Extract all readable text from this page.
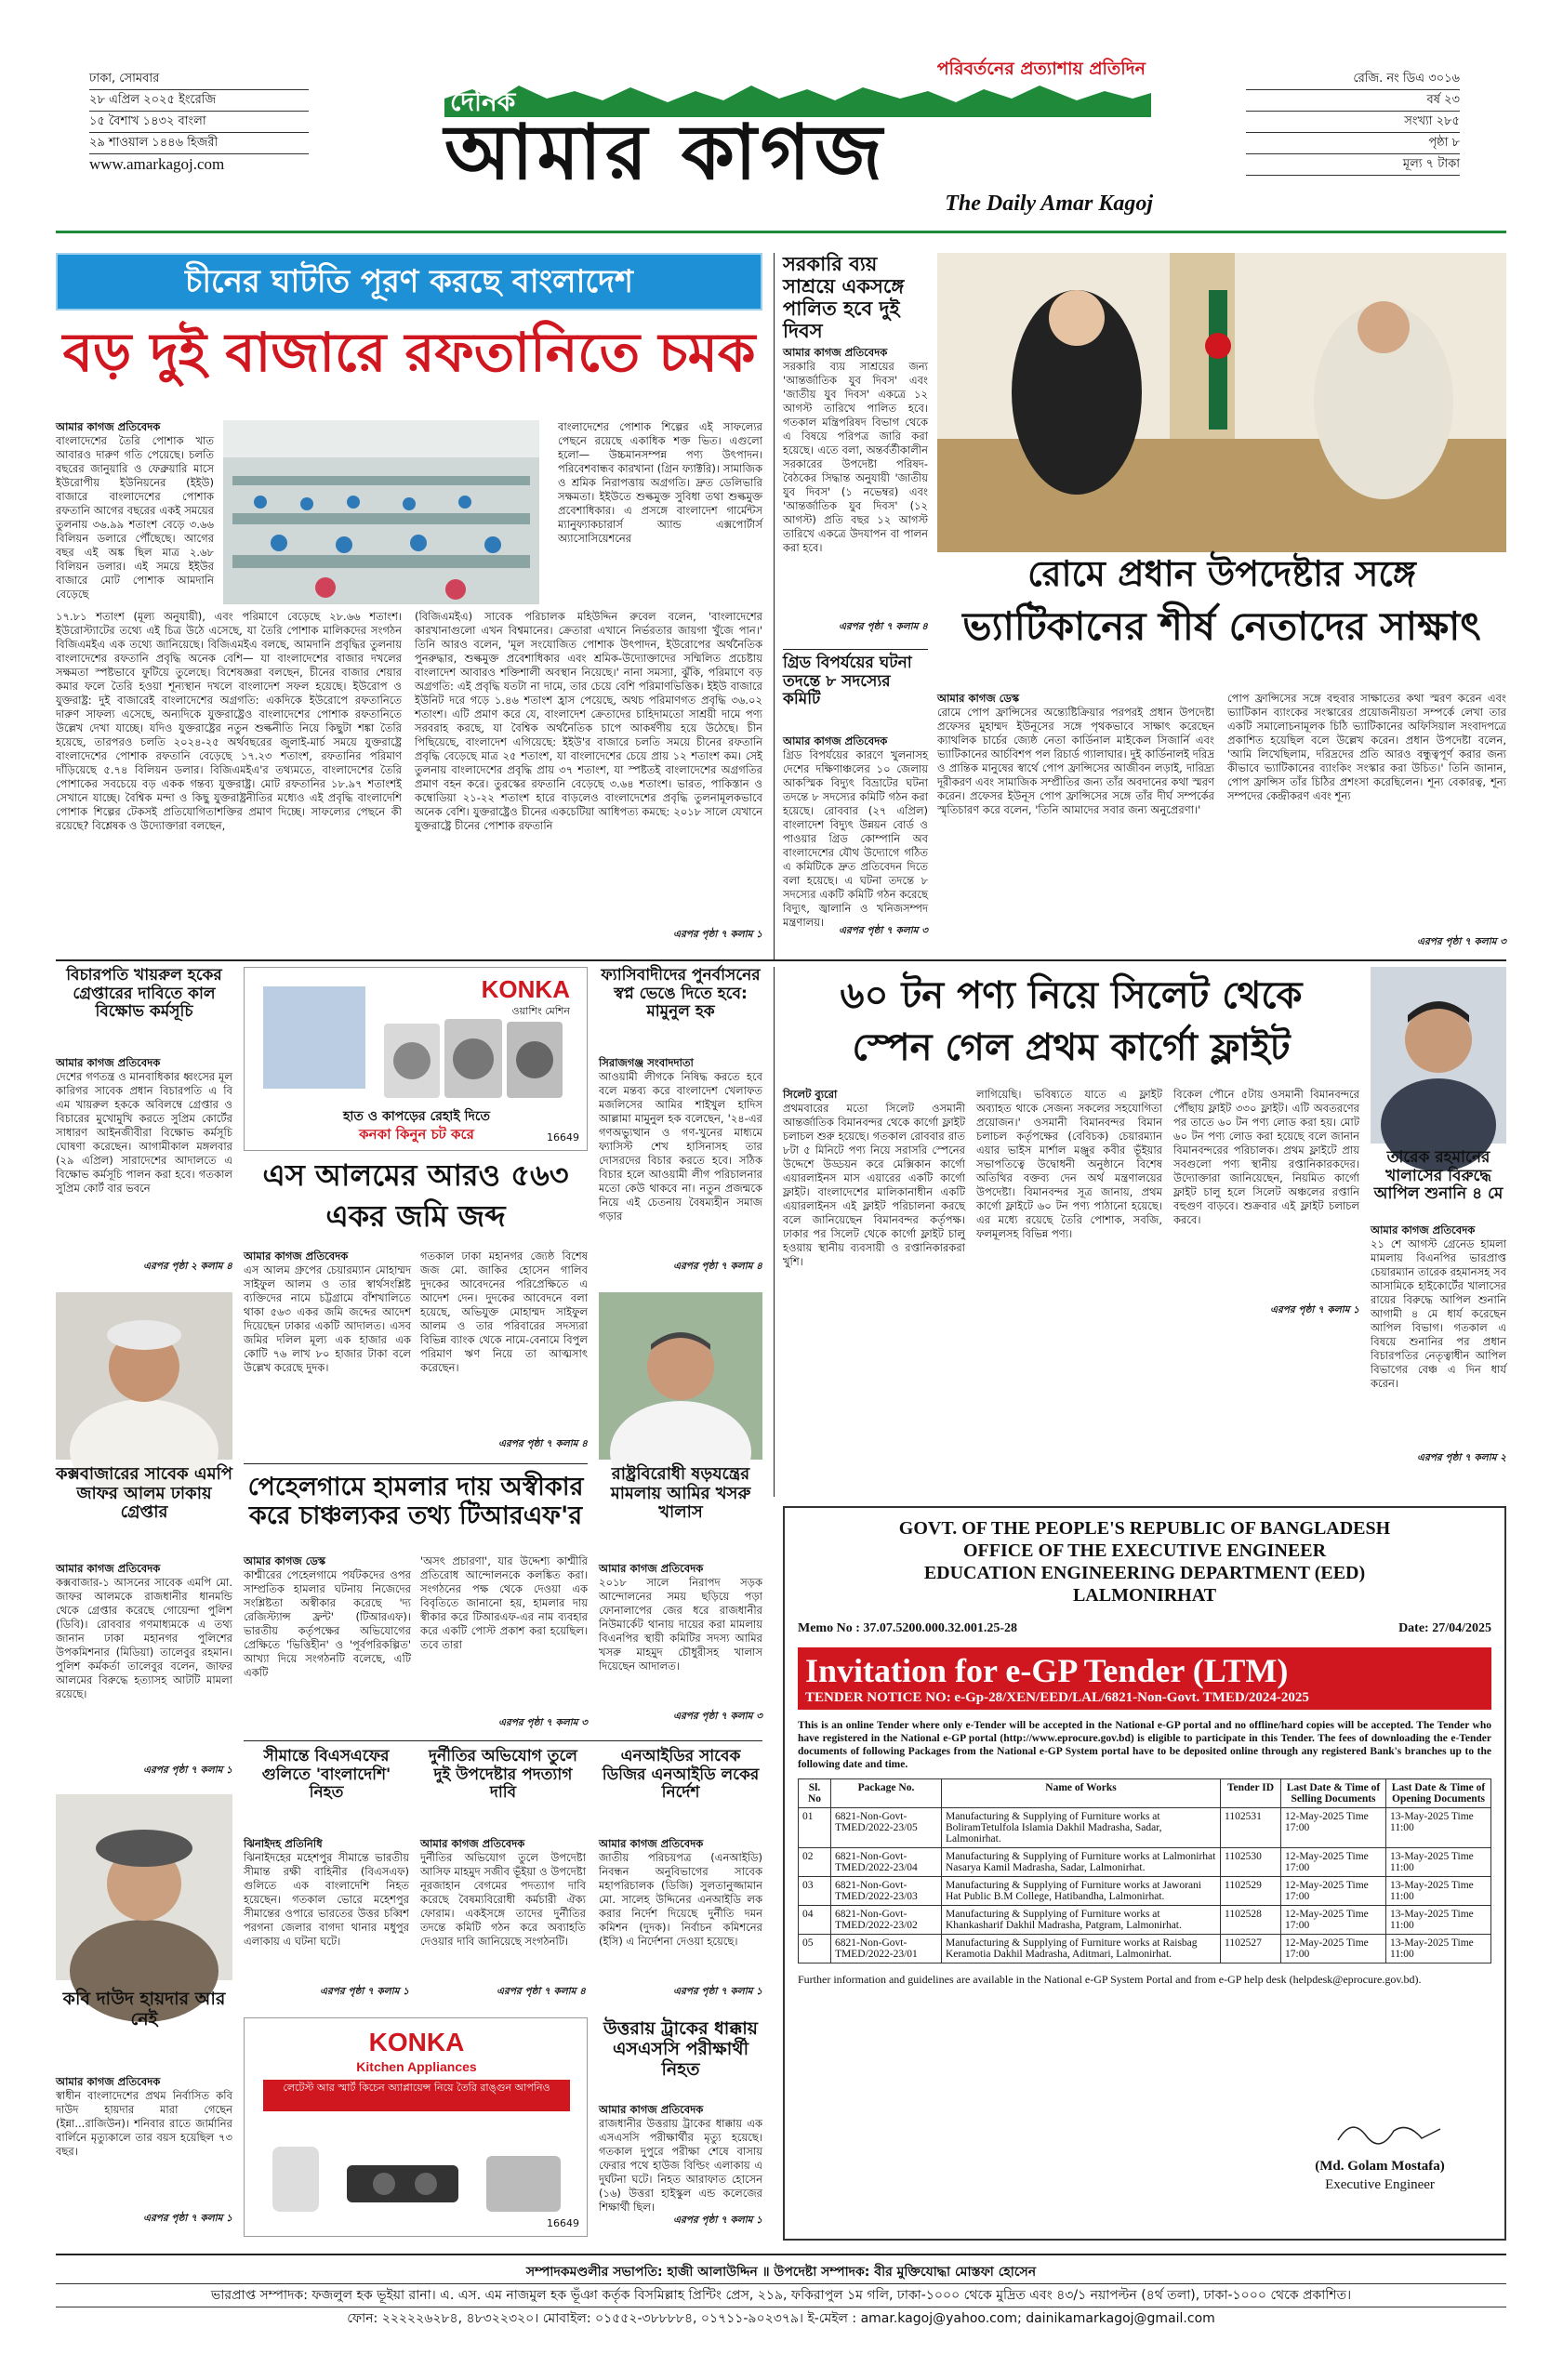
ঢাকা, সোমবার
২৮ এপ্রিল ২০২৫ ইংরেজি
১৫ বৈশাখ ১৪৩২ বাংলা
২৯ শাওয়াল ১৪৪৬ হিজরী
www.amarkagoj.com
পরিবর্তনের প্রত্যাশায় প্রতিদিন
দৈনিক
আমার কাগজ
The Daily Amar Kagoj
রেজি. নং ডিএ ৩০১৬
বর্ষ ২৩
সংখ্যা ২৮৫
পৃষ্ঠা ৮
মূল্য ৭ টাকা
চীনের ঘাটতি পূরণ করছে বাংলাদেশ
বড় দুই বাজারে রফতানিতে চমক
আমার কাগজ প্রতিবেদক
বাংলাদেশের তৈরি পোশাক খাত আবারও দারুণ গতি পেয়েছে। চলতি বছরের জানুয়ারি ও ফেব্রুয়ারি মাসে ইউরোপীয় ইউনিয়নের (ইইউ) বাজারে বাংলাদেশের পোশাক রফতানি আগের বছরের একই সময়ের তুলনায় ৩৬.৯৯ শতাংশ বেড়ে ৩.৬৬ বিলিয়ন ডলারে পৌঁছেছে। আগের বছর এই অঙ্ক ছিল মাত্র ২.৬৮ বিলিয়ন ডলার। এই সময়ে ইইউর বাজারে মোট পোশাক আমদানি বেড়েছে
বাংলাদেশের পোশাক শিল্পের এই সাফল্যের পেছনে রয়েছে একাধিক শক্ত ভিত। এগুলো হলো— উচ্চমানসম্পন্ন পণ্য উৎপাদন। পরিবেশবান্ধব কারখানা (গ্রিন ফ্যাক্টরি)। সামাজিক ও শ্রমিক নিরাপত্তায় অগ্রগতি। দ্রুত ডেলিভারি সক্ষমতা। ইইউতে শুল্কমুক্ত সুবিধা তথা শুল্কমুক্ত প্রবেশাধিকার। এ প্রসঙ্গে বাংলাদেশ গার্মেন্টস ম্যানুফ্যাকচারার্স অ্যান্ড এক্সপোর্টার্স অ্যাসোসিয়েশনের
১৭.৮১ শতাংশ (মূল্য অনুযায়ী), এবং পরিমাণে বেড়েছে ২৮.৬৬ শতাংশ। ইউরোস্ট্যাটের তথ্যে এই চিত্র উঠে এসেছে, যা তৈরি পোশাক মালিকদের সংগঠন বিজিএমইএ এক তথ্যে জানিয়েছে। বিজিএমইএ বলছে, আমদানি প্রবৃদ্ধির তুলনায় বাংলাদেশের রফতানি প্রবৃদ্ধি অনেক বেশি— যা বাংলাদেশের বাজার দখলের সক্ষমতা স্পষ্টভাবে ফুটিয়ে তুলেছে। বিশেষজ্ঞরা বলছেন, চীনের বাজার শেয়ার কমার ফলে তৈরি হওয়া শূন্যস্থান দখলে বাংলাদেশ সফল হয়েছে। ইউরোপ ও যুক্তরাষ্ট্র: দুই বাজারেই বাংলাদেশের অগ্রগতি: একদিকে ইউরোপে রফতানিতে দারুণ সাফল্য এসেছে, অন্যদিকে যুক্তরাষ্ট্রেও বাংলাদেশের পোশাক রফতানিতে উল্লেখ দেখা যাচ্ছে। যদিও যুক্তরাষ্ট্রের নতুন শুল্কনীতি নিয়ে কিছুটা শঙ্কা তৈরি হয়েছে, তারপরও চলতি ২০২৪-২৫ অর্থবছরের জুলাই-মার্চ সময়ে যুক্তরাষ্ট্রে বাংলাদেশের পোশাক রফতানি বেড়েছে ১৭.২৩ শতাংশ, রফতানির পরিমাণ দাঁড়িয়েছে ৫.৭৪ বিলিয়ন ডলার। বিজিএমইএ'র তথ্যমতে, বাংলাদেশের তৈরি পোশাকের সবচেয়ে বড় একক গন্তব্য যুক্তরাষ্ট্র। মোট রফতানির ১৮.৯৭ শতাংশই সেখানে যাচ্ছে। বৈশ্বিক মন্দা ও কিছু যুক্তরাষ্ট্রনীতির মধ্যেও এই প্রবৃদ্ধি বাংলাদেশি পোশাক শিল্পের টেকসই প্রতিযোগিতাশক্তির প্রমাণ দিচ্ছে। সাফল্যের পেছনে কী রয়েছে? বিশ্লেষক ও উদ্যোক্তারা বলছেন,
(বিজিএমইএ) সাবেক পরিচালক মহিউদ্দিন রুবেল বলেন, 'বাংলাদেশের কারখানাগুলো এখন বিশ্বমানের। ক্রেতারা এখানে নির্ভরতার জায়গা খুঁজে পান।' তিনি আরও বলেন, 'মূল সংযোজিত পোশাক উৎপাদন, ইউরোপের অর্থনৈতিক পুনরুদ্ধার, শুল্কমুক্ত প্রবেশাধিকার এবং শ্রমিক-উদ্যোক্তাদের সম্মিলিত প্রচেষ্টায় বাংলাদেশ আবারও শক্তিশালী অবস্থান নিয়েছে।' নানা সমস্যা, ঝুঁকি, পরিমাণে বড় অগ্রগতি: এই প্রবৃদ্ধি যতটা না দামে, তার চেয়ে বেশি পরিমাণভিত্তিক। ইইউ বাজারে ইউনিট দরে গড়ে ১.৪৬ শতাংশ হ্রাস পেয়েছে, অথচ পরিমাণগত প্রবৃদ্ধি ৩৬.০২ শতাংশ। এটি প্রমাণ করে যে, বাংলাদেশ ক্রেতাদের চাহিদামতো সাশ্রয়ী দামে পণ্য সরবরাহ করছে, যা বৈশ্বিক অর্থনৈতিক চাপে আকর্ষণীয় হয়ে উঠেছে। চীন পিছিয়েছে, বাংলাদেশ এগিয়েছে: ইইউ'র বাজারে চলতি সময়ে চীনের রফতানি প্রবৃদ্ধি বেড়েছে মাত্র ২৫ শতাংশ, যা বাংলাদেশের চেয়ে প্রায় ১২ শতাংশ কম। সেই তুলনায় বাংলাদেশের প্রবৃদ্ধি প্রায় ৩৭ শতাংশ, যা স্পষ্টতই বাংলাদেশের অগ্রগতির প্রমাণ বহন করে। তুরস্কের রফতানি বেড়েছে ৩.৬৪ শতাংশ। ভারত, পাকিস্তান ও কম্বোডিয়া ২১-২২ শতাংশ হারে বাড়লেও বাংলাদেশের প্রবৃদ্ধি তুলনামূলকভাবে অনেক বেশি। যুক্তরাষ্ট্রেও চীনের একচেটিয়া আধিপত্য কমছে: ২০১৮ সালে যেখানে যুক্তরাষ্ট্রে চীনের পোশাক রফতানি
এরপর পৃষ্ঠা ৭ কলাম ১
সরকারি ব্যয় সাশ্রয়ে একসঙ্গে পালিত হবে দুই দিবস
আমার কাগজ প্রতিবেদক
সরকারি ব্যয় সাশ্রয়ের জন্য 'আন্তর্জাতিক যুব দিবস' এবং 'জাতীয় যুব দিবস' একত্রে ১২ আগস্ট তারিখে পালিত হবে। গতকাল মন্ত্রিপরিষদ বিভাগ থেকে এ বিষয়ে পরিপত্র জারি করা হয়েছে। এতে বলা, অন্তর্বর্তীকালীন সরকারের উপদেষ্টা পরিষদ-বৈঠকের সিদ্ধান্ত অনুযায়ী 'জাতীয় যুব দিবস' (১ নভেম্বর) এবং 'আন্তর্জাতিক যুব দিবস' (১২ আগস্ট) প্রতি বছর ১২ আগস্ট তারিখে একত্রে উদযাপন বা পালন করা হবে।
এরপর পৃষ্ঠা ৭ কলাম ৪
গ্রিড বিপর্যয়ের ঘটনা তদন্তে ৮ সদস্যের কমিটি
আমার কাগজ প্রতিবেদক
গ্রিড বিপর্যয়ের কারণে খুলনাসহ দেশের দক্ষিণাঞ্চলের ১০ জেলায় আকস্মিক বিদ্যুৎ বিভ্রাটের ঘটনা তদন্তে ৮ সদস্যের কমিটি গঠন করা হয়েছে। রোববার (২৭ এপ্রিল) বাংলাদেশ বিদ্যুৎ উন্নয়ন বোর্ড ও পাওয়ার গ্রিড কোম্পানি অব বাংলাদেশের যৌথ উদ্যোগে গঠিত এ কমিটিকে দ্রুত প্রতিবেদন দিতে বলা হয়েছে। এ ঘটনা তদন্তে ৮ সদস্যের একটি কমিটি গঠন করেছে বিদ্যুৎ, জ্বালানি ও খনিজসম্পদ মন্ত্রণালয়।
এরপর পৃষ্ঠা ৭ কলাম ৩
রোমে প্রধান উপদেষ্টার সঙ্গে
ভ্যাটিকানের শীর্ষ নেতাদের সাক্ষাৎ
আমার কাগজ ডেস্ক
রোমে পোপ ফ্রান্সিসের অন্ত্যেষ্টিক্রিয়ার পরপরই প্রধান উপদেষ্টা প্রফেসর মুহাম্মদ ইউনূসের সঙ্গে পৃথকভাবে সাক্ষাৎ করেছেন ক্যাথলিক চার্চের জ্যেষ্ঠ নেতা কার্ডিনাল মাইকেল সিজার্নি এবং ভ্যাটিকানের আর্চবিশপ পল রিচার্ড গ্যালাঘার। দুই কার্ডিনালই দরিদ্র ও প্রান্তিক মানুষের স্বার্থে পোপ ফ্রান্সিসের আজীবন লড়াই, দারিদ্র্য দূরীকরণ এবং সামাজিক সম্প্রীতির জন্য তাঁর অবদানের কথা স্মরণ করেন। প্রফেসর ইউনূস পোপ ফ্রান্সিসের সঙ্গে তাঁর দীর্ঘ সম্পর্কের স্মৃতিচারণ করে বলেন, 'তিনি আমাদের সবার জন্য অনুপ্রেরণা।'
পোপ ফ্রান্সিসের সঙ্গে বহুবার সাক্ষাতের কথা স্মরণ করেন এবং ভ্যাটিকান ব্যাংকের সংস্কারের প্রয়োজনীয়তা সম্পর্কে লেখা তার একটি সমালোচনামূলক চিঠি ভ্যাটিকানের অফিসিয়াল সংবাদপত্রে প্রকাশিত হয়েছিল বলে উল্লেখ করেন। প্রধান উপদেষ্টা বলেন, 'আমি লিখেছিলাম, দরিদ্রদের প্রতি আরও বন্ধুত্বপূর্ণ করার জন্য কীভাবে ভ্যাটিকানের ব্যাংকিং সংস্কার করা উচিত।' তিনি জানান, পোপ ফ্রান্সিস তাঁর চিঠির প্রশংসা করেছিলেন। শূন্য বেকারত্ব, শূন্য সম্পদের কেন্দ্রীকরণ এবং শূন্য
এরপর পৃষ্ঠা ৭ কলাম ৩
বিচারপতি খায়রুল হকের গ্রেপ্তারের দাবিতে কাল বিক্ষোভ কর্মসূচি
আমার কাগজ প্রতিবেদক
দেশের গণতন্ত্র ও মানবাধিকার ধ্বংসের মূল কারিগর সাবেক প্রধান বিচারপতি এ বি এম খায়রুল হককে অবিলম্বে গ্রেপ্তার ও বিচারের মুখোমুখি করতে সুপ্রিম কোর্টের সাধারণ আইনজীবীরা বিক্ষোভ কর্মসূচি ঘোষণা করেছেন। আগামীকাল মঙ্গলবার (২৯ এপ্রিল) সারাদেশের আদালতে এ বিক্ষোভ কর্মসূচি পালন করা হবে। গতকাল সুপ্রিম কোর্ট বার ভবনে
এরপর পৃষ্ঠা ২ কলাম ৪
KONKA
ওয়াশিং মেশিন
হাত ও কাপড়ের রেহাই দিতে
কনকা কিনুন চট করে	16649
ফ্যাসিবাদীদের পুনর্বাসনের স্বপ্ন ভেঙে দিতে হবে: মামুনুল হক
সিরাজগঞ্জ সংবাদদাতা
আওয়ামী লীগকে নিষিদ্ধ করতে হবে বলে মন্তব্য করে বাংলাদেশ খেলাফত মজলিসের আমির শাইখুল হাদিস আল্লামা মামুনুল হক বলেছেন, '২৪-এর গণঅভ্যুত্থান ও গণ-খুনের মাধ্যমে ফ্যাসিস্ট শেখ হাসিনাসহ তার দোসরদের বিচার করতে হবে। সঠিক বিচার হলে আওয়ামী লীগ পরিচালনার মতো কেউ থাকবে না। নতুন প্রজন্মকে নিয়ে এই চেতনায় বৈষম্যহীন সমাজ গড়ার
এরপর পৃষ্ঠা ৭ কলাম ৪
এস আলমের আরও ৫৬৩
একর জমি জব্দ
৬০ টন পণ্য নিয়ে সিলেট থেকে
স্পেন গেল প্রথম কার্গো ফ্লাইট
সিলেট ব্যুরো
প্রথমবারের মতো সিলেট ওসমানী আন্তর্জাতিক বিমানবন্দর থেকে কার্গো ফ্লাইট চলাচল শুরু হয়েছে। গতকাল রোববার রাত ৮টা ৫ মিনিটে পণ্য নিয়ে সরাসরি স্পেনের উদ্দেশে উড্ডয়ন করে মেক্সিকান কার্গো এয়ারলাইনস মাস এয়ারের একটি কার্গো ফ্লাইট। বাংলাদেশের মালিকানাধীন একটি এয়ারলাইনস এই ফ্লাইট পরিচালনা করছে বলে জানিয়েছেন বিমানবন্দর কর্তৃপক্ষ। ঢাকার পর সিলেট থেকে কার্গো ফ্লাইট চালু হওয়ায় স্থানীয় ব্যবসায়ী ও রপ্তানিকারকরা খুশি।
লাগিয়েছি। ভবিষ্যতে যাতে এ ফ্লাইট অব্যাহত থাকে সেজন্য সকলের সহযোগিতা প্রয়োজন।' ওসমানী বিমানবন্দর বিমান চলাচল কর্তৃপক্ষের (বেবিচক) চেয়ারম্যান এয়ার ভাইস মার্শাল মঞ্জুর কবীর ভূঁইয়ার সভাপতিত্বে উদ্বোধনী অনুষ্ঠানে বিশেষ অতিথির বক্তব্য দেন অর্থ মন্ত্রণালয়ের উপদেষ্টা। বিমানবন্দর সূত্র জানায়, প্রথম কার্গো ফ্লাইটে ৬০ টন পণ্য পাঠানো হয়েছে। এর মধ্যে রয়েছে তৈরি পোশাক, সবজি, ফলমূলসহ বিভিন্ন পণ্য।
বিকেল পৌনে ৫টায় ওসমানী বিমানবন্দরে পৌঁছায় ফ্লাইট ৩৩০ ফ্লাইট। এটি অবতরণের পর তাতে ৬০ টন পণ্য লোড করা হয়। মোট ৬০ টন পণ্য লোড করা হয়েছে বলে জানান বিমানবন্দরের পরিচালক। প্রথম ফ্লাইটে প্রায় সবগুলো পণ্য স্থানীয় রপ্তানিকারকদের। উদ্যোক্তারা জানিয়েছেন, নিয়মিত কার্গো ফ্লাইট চালু হলে সিলেট অঞ্চলের রপ্তানি বহুগুণ বাড়বে। শুক্রবার এই ফ্লাইট চলাচল করবে।
এরপর পৃষ্ঠা ৭ কলাম ১
তারেক রহমানের খালাসের বিরুদ্ধে আপিল শুনানি ৪ মে
আমার কাগজ প্রতিবেদক
২১ শে আগস্ট গ্রেনেড হামলা মামলায় বিএনপির ভারপ্রাপ্ত চেয়ারম্যান তারেক রহমানসহ সব আসামিকে হাইকোর্টের খালাসের রায়ের বিরুদ্ধে আপিল শুনানি আগামী ৪ মে ধার্য করেছেন আপিল বিভাগ। গতকাল এ বিষয়ে শুনানির পর প্রধান বিচারপতির নেতৃত্বাধীন আপিল বিভাগের বেঞ্চ এ দিন ধার্য করেন।
এরপর পৃষ্ঠা ৭ কলাম ২
কক্সবাজারের সাবেক এমপি জাফর আলম ঢাকায় গ্রেপ্তার
আমার কাগজ প্রতিবেদক
কক্সবাজার-১ আসনের সাবেক এমপি মো. জাফর আলমকে রাজধানীর ধানমন্ডি থেকে গ্রেপ্তার করেছে গোয়েন্দা পুলিশ (ডিবি)। রোববার গণমাধ্যমকে এ তথ্য জানান ঢাকা মহানগর পুলিশের উপকমিশনার (মিডিয়া) তালেবুর রহমান। পুলিশ কর্মকর্তা তালেবুর বলেন, জাফর আলমের বিরুদ্ধে হত্যাসহ আটটি মামলা রয়েছে।
এরপর পৃষ্ঠা ৭ কলাম ১
আমার কাগজ প্রতিবেদক
এস আলম গ্রুপের চেয়ারম্যান মোহাম্মদ সাইফুল আলম ও তার স্বার্থসংশ্লিষ্ট ব্যক্তিদের নামে চট্টগ্রামে বাঁশখালিতে থাকা ৫৬৩ একর জমি জব্দের আদেশ দিয়েছেন ঢাকার একটি আদালত। এসব জমির দলিল মূল্য এক হাজার এক কোটি ৭৬ লাখ ৮০ হাজার টাকা বলে উল্লেখ করেছে দুদক।
গতকাল ঢাকা মহানগর জ্যেষ্ঠ বিশেষ জজ মো. জাকির হোসেন গালিব দুদকের আবেদনের পরিপ্রেক্ষিতে এ আদেশ দেন। দুদকের আবেদনে বলা হয়েছে, অভিযুক্ত মোহাম্মদ সাইফুল আলম ও তার পরিবারের সদস্যরা বিভিন্ন ব্যাংক থেকে নামে-বেনামে বিপুল পরিমাণ ঋণ নিয়ে তা আত্মসাৎ করেছেন।
এরপর পৃষ্ঠা ৭ কলাম ৪
রাষ্ট্রবিরোধী ষড়যন্ত্রের মামলায় আমির খসরু খালাস
আমার কাগজ প্রতিবেদক
২০১৮ সালে নিরাপদ সড়ক আন্দোলনের সময় ছড়িয়ে পড়া ফোনালাপের জের ধরে রাজধানীর নিউমার্কেট থানায় দায়ের করা মামলায় বিএনপির স্থায়ী কমিটির সদস্য আমির খসরু মাহমুদ চৌধুরীসহ খালাস দিয়েছেন আদালত।
এরপর পৃষ্ঠা ৭ কলাম ৩
পেহেলগামে হামলার দায় অস্বীকার করে চাঞ্চল্যকর তথ্য টিআরএফ'র
আমার কাগজ ডেস্ক
কাশ্মীরের পেহেলগামে পর্যটকদের ওপর সাম্প্রতিক হামলার ঘটনায় নিজেদের সংশ্লিষ্টতা অস্বীকার করেছে 'দ্য রেজিস্ট্যান্স ফ্রন্ট' (টিআরএফ)। ভারতীয় কর্তৃপক্ষের অভিযোগের প্রেক্ষিতে 'ভিত্তিহীন' ও 'পূর্বপরিকল্পিত' আখ্যা দিয়ে সংগঠনটি বলেছে, এটি একটি
'অসৎ প্রচারণা', যার উদ্দেশ্য কাশ্মীরি প্রতিরোধ আন্দোলনকে কলঙ্কিত করা। সংগঠনের পক্ষ থেকে দেওয়া এক বিবৃতিতে জানানো হয়, হামলার দায় স্বীকার করে টিআরএফ-এর নাম ব্যবহার করে একটি পোস্ট প্রকাশ করা হয়েছিল। তবে তারা
এরপর পৃষ্ঠা ৭ কলাম ৩
সীমান্তে বিএসএফের গুলিতে 'বাংলাদেশি' নিহত
ঝিনাইদহ প্রতিনিধি
ঝিনাইদহের মহেশপুর সীমান্তে ভারতীয় সীমান্ত রক্ষী বাহিনীর (বিএসএফ) গুলিতে এক বাংলাদেশি নিহত হয়েছেন। গতকাল ভোরে মহেশপুর সীমান্তের ওপারে ভারতের উত্তর চব্বিশ পরগনা জেলার বাগদা থানার মধুপুর এলাকায় এ ঘটনা ঘটে।
এরপর পৃষ্ঠা ৭ কলাম ১
দুর্নীতির অভিযোগ তুলে দুই উপদেষ্টার পদত্যাগ দাবি
আমার কাগজ প্রতিবেদক
দুর্নীতির অভিযোগ তুলে উপদেষ্টা আসিফ মাহমুদ সজীব ভূঁইয়া ও উপদেষ্টা নূরজাহান বেগমের পদত্যাগ দাবি করেছে বৈষম্যবিরোধী কর্মচারী ঐক্য ফোরাম। একইসঙ্গে তাদের দুর্নীতির তদন্তে কমিটি গঠন করে অব্যাহতি দেওয়ার দাবি জানিয়েছে সংগঠনটি।
এরপর পৃষ্ঠা ৭ কলাম ৪
এনআইডির সাবেক ডিজির এনআইডি লকের নির্দেশ
আমার কাগজ প্রতিবেদক
জাতীয় পরিচয়পত্র (এনআইডি) নিবন্ধন অনুবিভাগের সাবেক মহাপরিচালক (ডিজি) সুলতানুজ্জামান মো. সালেহ উদ্দিনের এনআইডি লক করার নির্দেশ দিয়েছে দুর্নীতি দমন কমিশন (দুদক)। নির্বাচন কমিশনের (ইসি) এ নির্দেশনা দেওয়া হয়েছে।
এরপর পৃষ্ঠা ৭ কলাম ১
কবি দাউদ হায়দার আর নেই
আমার কাগজ প্রতিবেদক
স্বাধীন বাংলাদেশের প্রথম নির্বাসিত কবি দাউদ হায়দার মারা গেছেন (ইন্না...রাজিউন)। শনিবার রাতে জার্মানির বার্লিনে মৃত্যুকালে তার বয়স হয়েছিল ৭৩ বছর।
এরপর পৃষ্ঠা ৭ কলাম ১
KONKA
Kitchen Appliances
লেটেস্ট আর স্মার্ট কিচেন অ্যাপ্লায়েন্স নিয়ে তৈরি রাঙ্গুন আপনিও
16649
উত্তরায় ট্রাকের ধাক্কায় এসএসসি পরীক্ষার্থী নিহত
আমার কাগজ প্রতিবেদক
রাজধানীর উত্তরায় ট্রাকের ধাক্কায় এক এসএসসি পরীক্ষার্থীর মৃত্যু হয়েছে। গতকাল দুপুরে পরীক্ষা শেষে বাসায় ফেরার পথে হাউজ বিল্ডিং এলাকায় এ দুর্ঘটনা ঘটে। নিহত আরাফাত হোসেন (১৬) উত্তরা হাইস্কুল এন্ড কলেজের শিক্ষার্থী ছিল।
এরপর পৃষ্ঠা ৭ কলাম ১
GOVT. OF THE PEOPLE'S REPUBLIC OF BANGLADESH
OFFICE OF THE EXECUTIVE ENGINEER
EDUCATION ENGINEERING DEPARTMENT (EED)
LALMONIRHAT
Memo No : 37.07.5200.000.32.001.25-28	Date: 27/04/2025
Invitation for e-GP Tender (LTM)
TENDER NOTICE NO: e-Gp-28/XEN/EED/LAL/6821-Non-Govt. TMED/2024-2025
This is an online Tender where only e-Tender will be accepted in the National e-GP portal and no offline/hard copies will be accepted. The Tender who have registered in the National e-GP portal (http://www.eprocure.gov.bd) is eligible to participate in this Tender. The fees of downloading the e-Tender documents of following Packages from the National e-GP System portal have to be deposited online through any registered Bank's branches up to the following date and time.
Sl. No	Package No.	Name of Works	Tender ID	Last Date & Time of Selling Documents	Last Date & Time of Opening Documents
01	6821-Non-Govt-TMED/2022-23/05	Manufacturing & Supplying of Furniture works at BoliramTetulfola Islamia Dakhil Madrasha, Sadar, Lalmonirhat.	1102531	12-May-2025 Time 17:00	13-May-2025 Time 11:00
02	6821-Non-Govt-TMED/2022-23/04	Manufacturing & Supplying of Furniture works at Lalmonirhat Nasarya Kamil Madrasha, Sadar, Lalmonirhat.	1102530	12-May-2025 Time 17:00	13-May-2025 Time 11:00
03	6821-Non-Govt-TMED/2022-23/03	Manufacturing & Supplying of Furniture works at Jaworani Hat Public B.M College, Hatibandha, Lalmonirhat.	1102529	12-May-2025 Time 17:00	13-May-2025 Time 11:00
04	6821-Non-Govt-TMED/2022-23/02	Manufacturing & Supplying of Furniture works at Khankasharif Dakhil Madrasha, Patgram, Lalmonirhat.	1102528	12-May-2025 Time 17:00	13-May-2025 Time 11:00
05	6821-Non-Govt-TMED/2022-23/01	Manufacturing & Supplying of Furniture works at Raisbag Keramotia Dakhil Madrasha, Aditmari, Lalmonirhat.	1102527	12-May-2025 Time 17:00	13-May-2025 Time 11:00
Further information and guidelines are available in the National e-GP System Portal and from e-GP help desk (helpdesk@eprocure.gov.bd).
(Md. Golam Mostafa)
Executive Engineer
সম্পাদকমণ্ডলীর সভাপতি: হাজী আলাউদ্দিন ॥ উপদেষ্টা সম্পাদক: বীর মুক্তিযোদ্ধা মোস্তফা হোসেন
ভারপ্রাপ্ত সম্পাদক: ফজলুল হক ভূইয়া রানা। এ. এস. এম নাজমুল হক ভূঁঞা কর্তৃক বিসমিল্লাহ প্রিন্টিং প্রেস, ২১৯, ফকিরাপুল ১ম গলি, ঢাকা-১০০০ থেকে মুদ্রিত এবং ৪৩/১ নয়াপল্টন (৪র্থ তলা), ঢাকা-১০০০ থেকে প্রকাশিত।
ফোন: ২২২২২৬২৮৪, ৪৮৩২২৩২০। মোবাইল: ০১৫৫২-৩৮৮৮৮৪, ০১৭১১-৯০২৩৭৯। ই-মেইল : amar.kagoj@yahoo.com; dainikamarkagoj@gmail.com
